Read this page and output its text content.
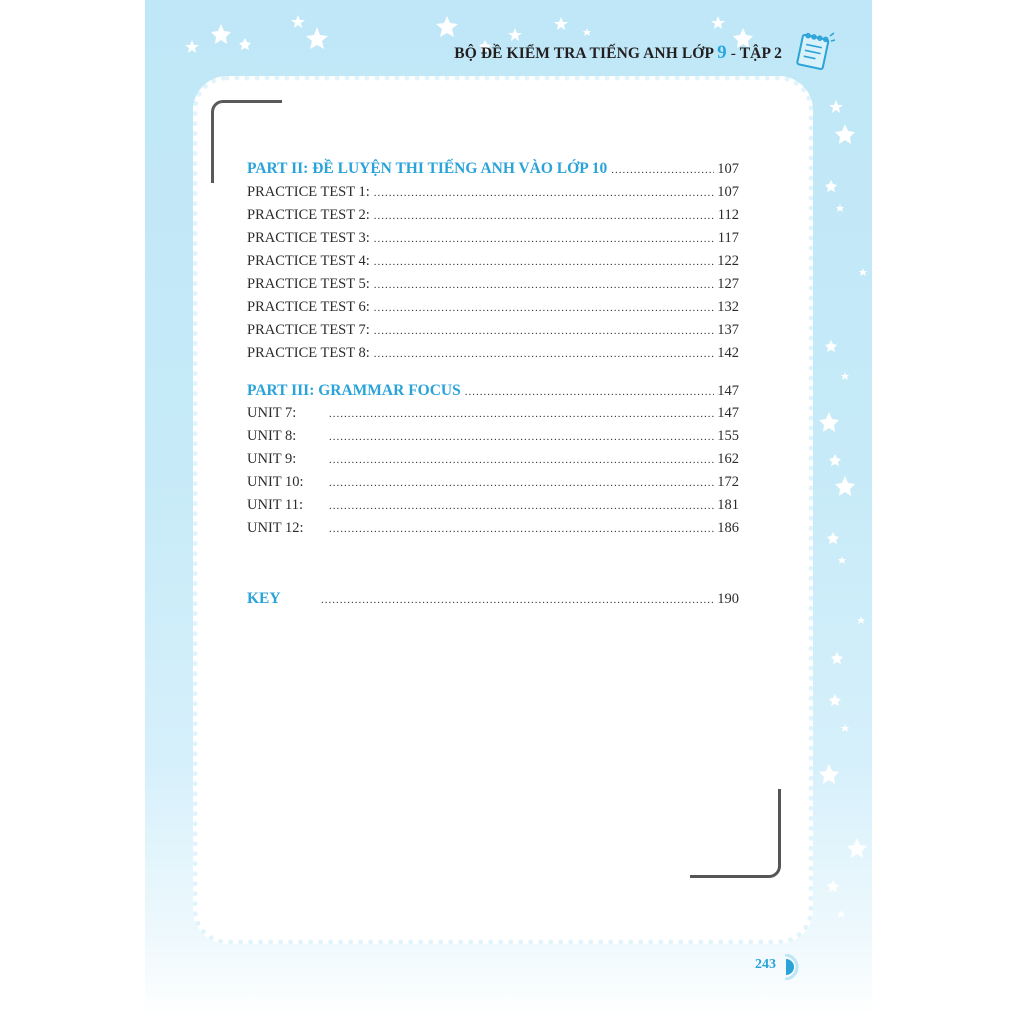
BỘ ĐỀ KIỂM TRA TIẾNG ANH LỚP 9 - TẬP 2
PART II: ĐỀ LUYỆN THI TIẾNG ANH VÀO LỚP 10 .....	107
PRACTICE TEST 1: .....	107
PRACTICE TEST 2: .....	112
PRACTICE TEST 3: .....	117
PRACTICE TEST 4: .....	122
PRACTICE TEST 5: .....	127
PRACTICE TEST 6: .....	132
PRACTICE TEST 7: .....	137
PRACTICE TEST 8: .....	142
PART III: GRAMMAR FOCUS .....	147
UNIT 7: .....	147
UNIT 8: .....	155
UNIT 9: .....	162
UNIT 10: .....	172
UNIT 11: .....	181
UNIT 12: .....	186
KEY .....	190
243
